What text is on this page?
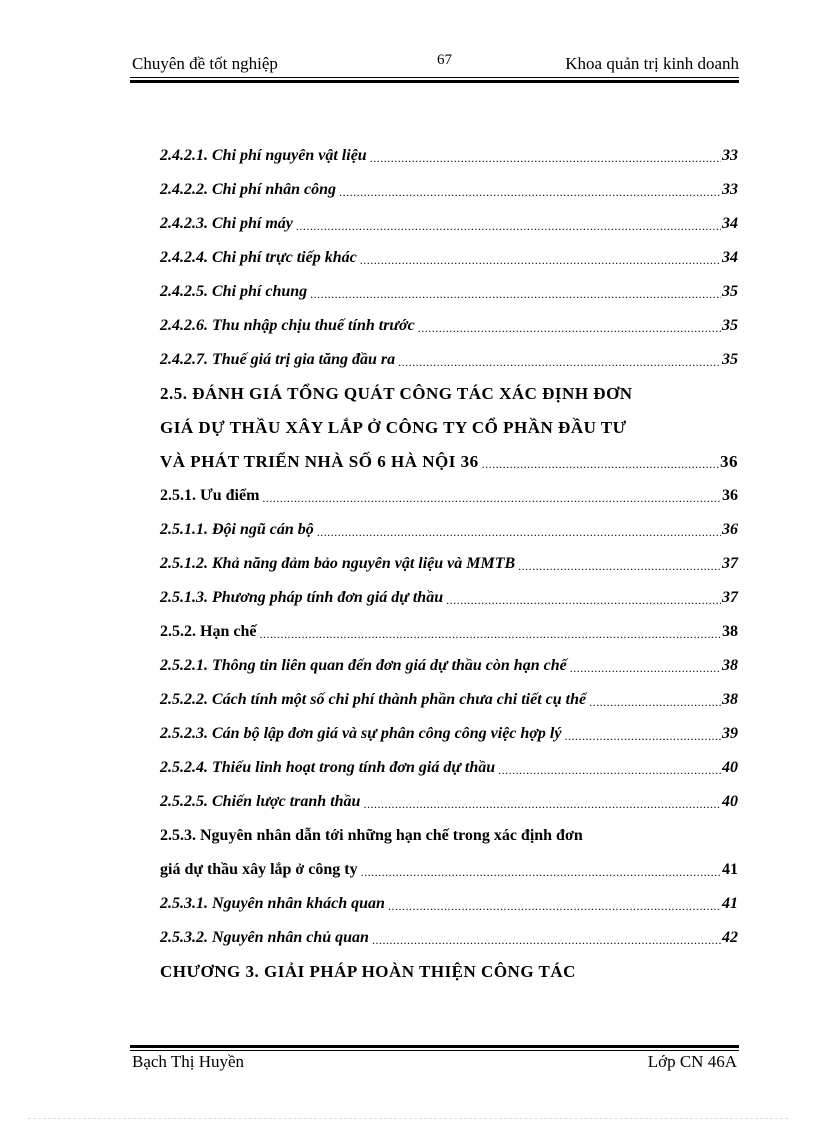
Chuyên đề tốt nghiệp	67	Khoa quản trị kinh doanh
2.4.2.1. Chi phí nguyên vật liệu .....	33
2.4.2.2. Chi phí nhân công .....	33
2.4.2.3. Chi phí máy .....	34
2.4.2.4. Chi phí trực tiếp khác .....	34
2.4.2.5. Chi phí chung .....	35
2.4.2.6. Thu nhập chịu thuế tính trước .....	35
2.4.2.7. Thuế giá trị gia tăng đầu ra .....	35
2.5. ĐÁNH GIÁ TỔNG QUÁT CÔNG TÁC XÁC ĐỊNH ĐƠN
GIÁ DỰ THẦU XÂY LẮP Ở CÔNG TY CỔ PHẦN ĐẦU TƯ
VÀ PHÁT TRIỂN NHÀ SỐ 6 HÀ NỘI 36 .....	36
2.5.1. Ưu điểm .....	36
2.5.1.1. Đội ngũ cán bộ .....	36
2.5.1.2. Khả năng đảm bảo nguyên vật liệu và MMTB .....	37
2.5.1.3. Phương pháp tính đơn giá dự thầu .....	37
2.5.2. Hạn chế .....	38
2.5.2.1. Thông tin liên quan đến đơn giá dự thầu còn hạn chế .....	38
2.5.2.2. Cách tính một số chi phí thành phần chưa chi tiết cụ thể .....	38
2.5.2.3. Cán bộ lập đơn giá và sự phân công công việc hợp lý .....	39
2.5.2.4. Thiếu linh hoạt trong tính đơn giá dự thầu .....	40
2.5.2.5. Chiến lược tranh thầu .....	40
2.5.3. Nguyên nhân dẫn tới những hạn chế trong xác định đơn
giá dự thầu xây lắp ở công ty .....	41
2.5.3.1. Nguyên nhân khách quan .....	41
2.5.3.2. Nguyên nhân chủ quan .....	42
CHƯƠNG 3. GIẢI PHÁP HOÀN THIỆN CÔNG TÁC
Bạch Thị Huyền	Lớp CN 46A
